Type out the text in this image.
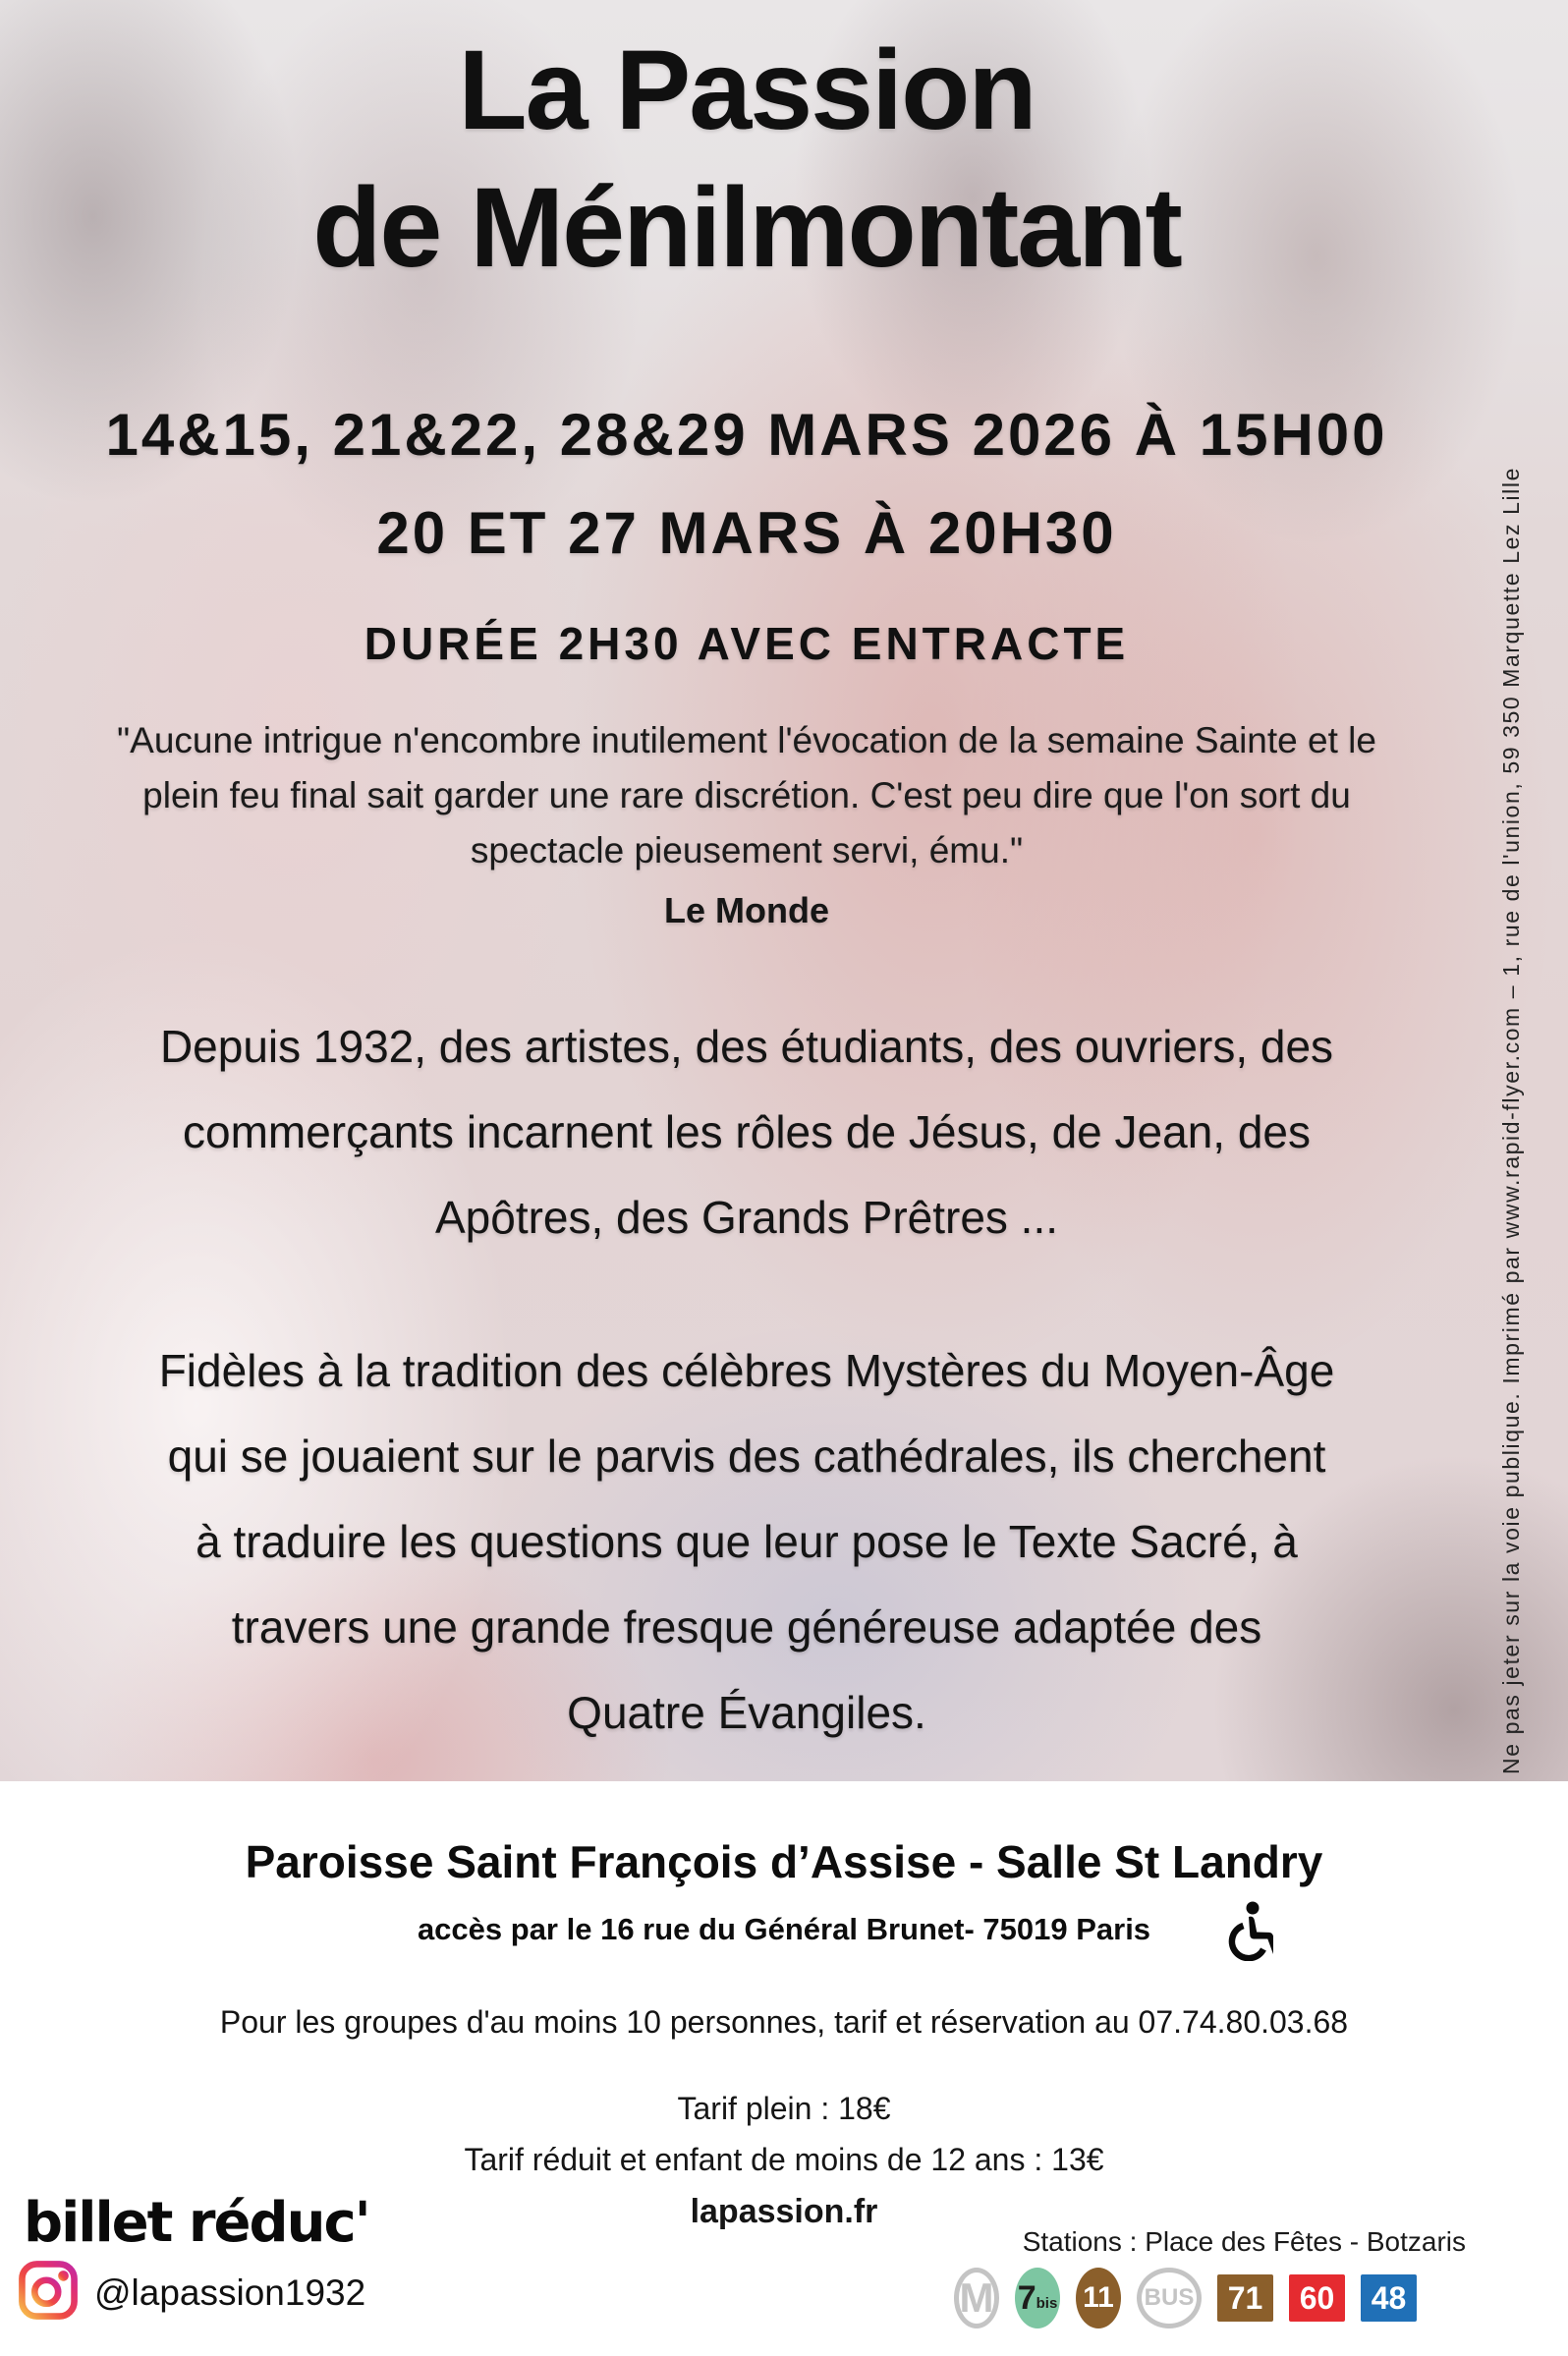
La Passion
de Ménilmontant
14&15, 21&22, 28&29 MARS 2026 À 15H00
20 ET 27 MARS À 20H30
DURÉE 2H30 AVEC ENTRACTE
"Aucune intrigue n'encombre inutilement l'évocation de la semaine Sainte et le
plein feu final sait garder une rare discrétion. C'est peu dire que l'on sort du
spectacle pieusement servi, ému."
Le Monde
Depuis 1932, des artistes, des étudiants, des ouvriers, des
commerçants incarnent les rôles de Jésus, de Jean, des
Apôtres, des Grands Prêtres ...
Fidèles à la tradition des célèbres Mystères du Moyen-Âge
qui se jouaient sur le parvis des cathédrales, ils cherchent
à traduire les questions que leur pose le Texte Sacré, à
travers une grande fresque généreuse adaptée des
Quatre Évangiles.
Paroisse Saint François d’Assise - Salle St Landry
accès par le 16 rue du Général Brunet- 75019 Paris
Pour les groupes d'au moins 10 personnes, tarif et réservation au 07.74.80.03.68
Tarif plein : 18€
Tarif réduit et enfant de moins de 12 ans : 13€
lapassion.fr
billet réduc'	Stations : Place des Fêtes - Botzaris
@lapassion1932	M 7 bis 11 BUS 71 60 48
Ne pas jeter sur la voie publique. Imprimé par www.rapid-flyer.com – 1, rue de l'union, 59 350 Marquette Lez Lille
